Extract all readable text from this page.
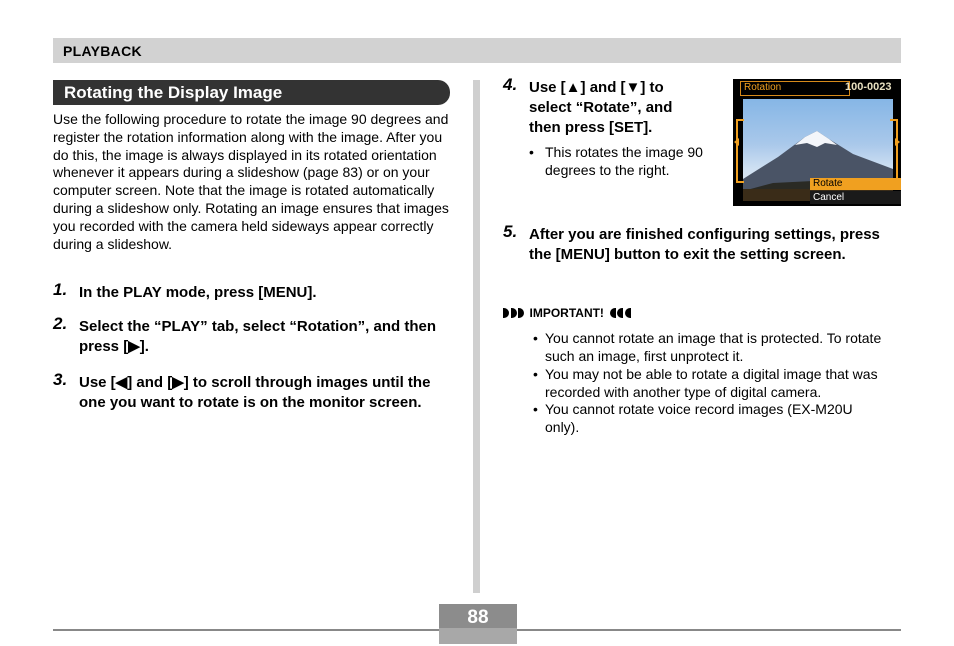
PLAYBACK
Rotating the Display Image
Use the following procedure to rotate the image 90 degrees and register the rotation information along with the image. After you do this, the image is always displayed in its rotated orientation whenever it appears during a slideshow (page 83) or on your computer screen. Note that the image is rotated automatically during a slideshow only. Rotating an image ensures that images you recorded with the camera held sideways appear correctly during a slideshow.
1. In the PLAY mode, press [MENU].
2. Select the “PLAY” tab, select “Rotation”, and then press [▶].
3. Use [◀] and [▶] to scroll through images until the one you want to rotate is on the monitor screen.
4. Use [▲] and [▼] to select “Rotate”, and then press [SET].
• This rotates the image 90 degrees to the right.
Rotation	100-0023
Rotate
Cancel
5. After you are finished configuring settings, press the [MENU] button to exit the setting screen.
IMPORTANT!
• You cannot rotate an image that is protected. To rotate such an image, first unprotect it.
• You may not be able to rotate a digital image that was recorded with another type of digital camera.
• You cannot rotate voice record images (EX-M20U only).
88
